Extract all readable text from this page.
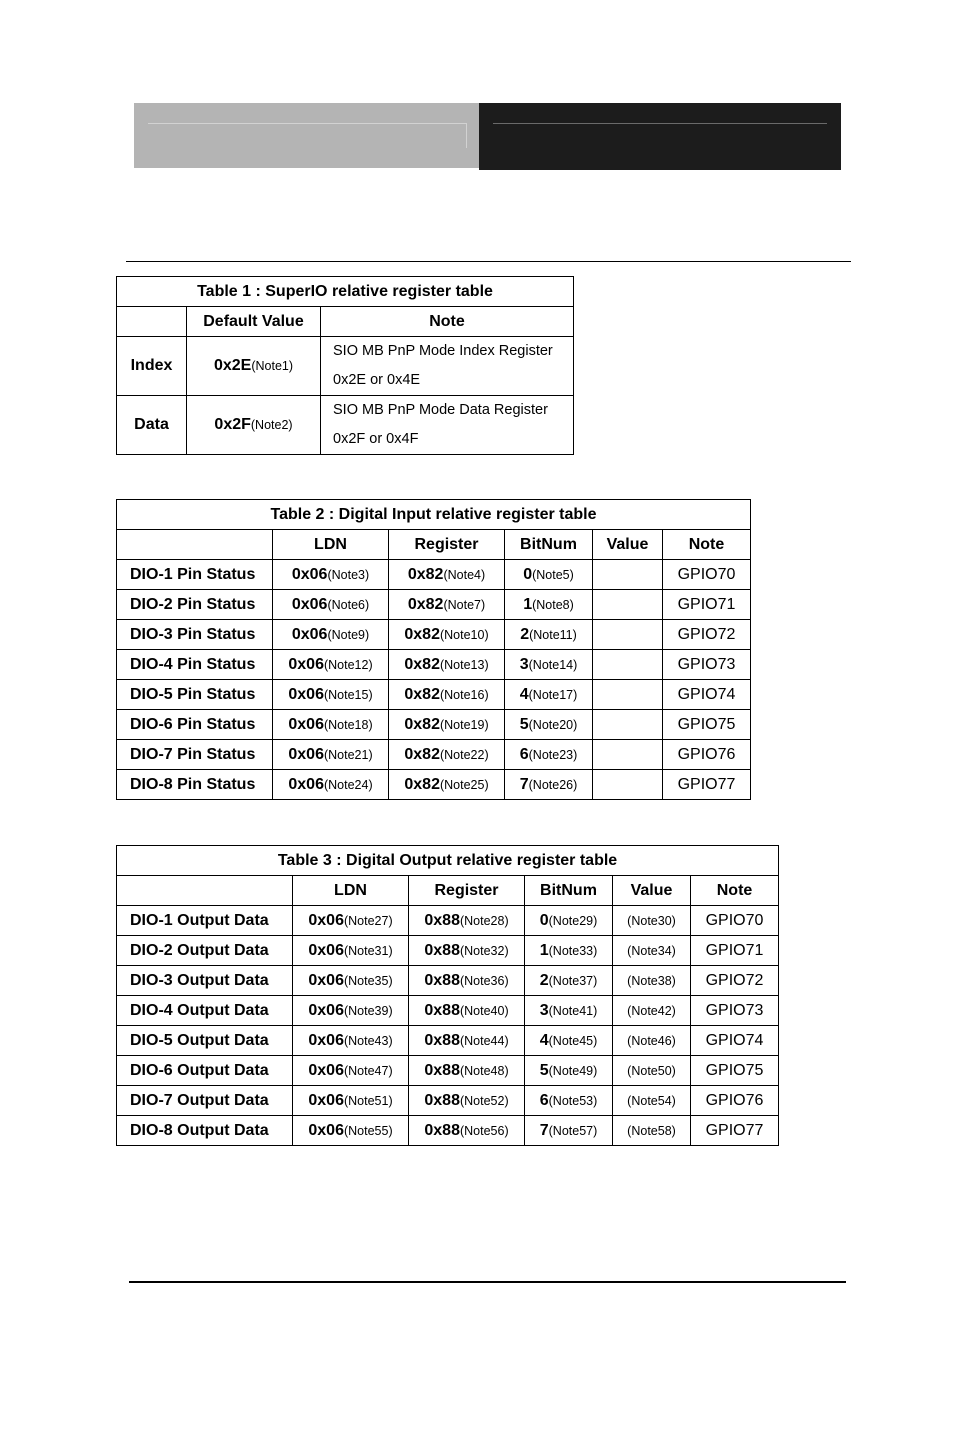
Table 1 : SuperIO relative register table		
	Default Value	Note
Index	0x2E(Note1)	SIO MB PnP Mode Index Register
0x2E or 0x4E

Data	0x2F(Note2)	SIO MB PnP Mode Data Register
0x2F or 0x4F
Table 2 : Digital Input relative register table					
	LDN	Register	BitNum	Value	Note
DIO-1 Pin Status	0x06(Note3)	0x82(Note4)	0(Note5)		GPIO70
DIO-2 Pin Status	0x06(Note6)	0x82(Note7)	1(Note8)		GPIO71
DIO-3 Pin Status	0x06(Note9)	0x82(Note10)	2(Note11)		GPIO72
DIO-4 Pin Status	0x06(Note12)	0x82(Note13)	3(Note14)		GPIO73
DIO-5 Pin Status	0x06(Note15)	0x82(Note16)	4(Note17)		GPIO74
DIO-6 Pin Status	0x06(Note18)	0x82(Note19)	5(Note20)		GPIO75
DIO-7 Pin Status	0x06(Note21)	0x82(Note22)	6(Note23)		GPIO76
DIO-8 Pin Status	0x06(Note24)	0x82(Note25)	7(Note26)		GPIO77
Table 3 : Digital Output relative register table					
	LDN	Register	BitNum	Value	Note
DIO-1 Output Data	0x06(Note27)	0x88(Note28)	0(Note29)	(Note30)	GPIO70
DIO-2 Output Data	0x06(Note31)	0x88(Note32)	1(Note33)	(Note34)	GPIO71
DIO-3 Output Data	0x06(Note35)	0x88(Note36)	2(Note37)	(Note38)	GPIO72
DIO-4 Output Data	0x06(Note39)	0x88(Note40)	3(Note41)	(Note42)	GPIO73
DIO-5 Output Data	0x06(Note43)	0x88(Note44)	4(Note45)	(Note46)	GPIO74
DIO-6 Output Data	0x06(Note47)	0x88(Note48)	5(Note49)	(Note50)	GPIO75
DIO-7 Output Data	0x06(Note51)	0x88(Note52)	6(Note53)	(Note54)	GPIO76
DIO-8 Output Data	0x06(Note55)	0x88(Note56)	7(Note57)	(Note58)	GPIO77
